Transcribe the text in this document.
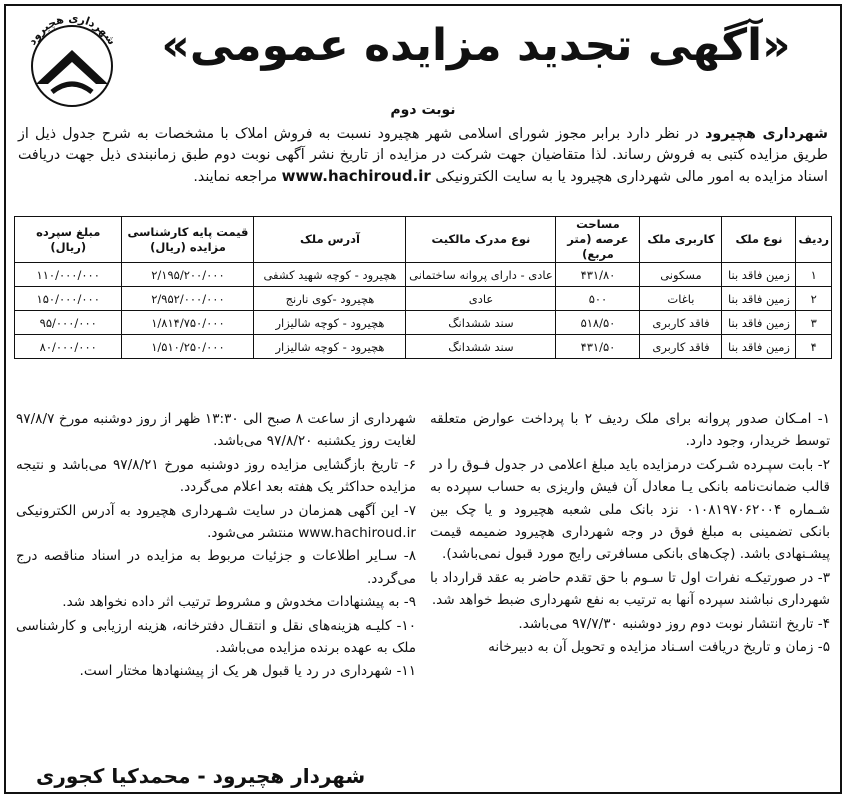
شهرداری هچیرود «آگهی تجدید مزایده عمومی»
نوبت دوم
شهرداری هچیرود در نظر دارد برابر مجوز شورای اسلامی شهر هچیرود نسبت به فروش املاک با مشخصات به شرح جدول ذیل از طریق مزایده کتبی به فروش رساند. لذا متقاضیان جهت شرکت در مزایده از تاریخ نشر آگهی نوبت دوم طبق زمانبندی ذیل جهت دریافت اسناد مزایده به امور مالی شهرداری هچیرود یا به سایت الکترونیکی www.hachiroud.ir مراجعه نمایند.
ردیف	نوع ملک	کاربری ملک	مساحت عرصه (متر مربع)	نوع مدرک مالکیت	آدرس ملک	قیمت پایه کارشناسی مزایده (ریال)	مبلغ سپرده (ریال)
۱	زمین فاقد بنا	مسکونی	۴۳۱/۸۰	عادی - دارای پروانه ساختمانی	هچیرود - کوچه شهید کشفی	۲/۱۹۵/۲۰۰/۰۰۰	۱۱۰/۰۰۰/۰۰۰
۲	زمین فاقد بنا	باغات	۵۰۰	عادی	هچیرود -کوی نارنج	۲/۹۵۲/۰۰۰/۰۰۰	۱۵۰/۰۰۰/۰۰۰
۳	زمین فاقد بنا	فاقد کاربری	۵۱۸/۵۰	سند ششدانگ	هچیرود - کوچه شالیزار	۱/۸۱۴/۷۵۰/۰۰۰	۹۵/۰۰۰/۰۰۰
۴	زمین فاقد بنا	فاقد کاربری	۴۳۱/۵۰	سند ششدانگ	هچیرود - کوچه شالیزار	۱/۵۱۰/۲۵۰/۰۰۰	۸۰/۰۰۰/۰۰۰

۱- امـکان صدور پروانه برای ملک ردیف ۲ با پرداخت عوارض متعلقه توسط خریدار، وجود دارد.

۲- بابت سپـرده شـرکت درمزایده باید مبلغ اعلامی در جدول فـوق را در قالب ضمانت‌نامه بانکی یـا معادل آن فیش واریزی به حساب سپرده به شـماره ۰۱۰۸۱۹۷۰۶۲۰۰۴ نزد بانک ملی شعبه هچیرود و یا چک بین بانکی تضمینی به مبلغ فوق در وجه شهرداری هچیرود ضمیمه قیمت پیشـنهادی باشد. (چک‌های بانکی مسافرتی رایج مورد قبول نمی‌باشد).

۳- در صورتیکـه نفرات اول تا سـوم با حق تقدم حاضر به عقد قرارداد با شهرداری نباشند سپرده آنها به ترتیب به نفع شهرداری ضبط خواهد شد.

۴- تاریخ انتشار نوبت دوم روز دوشنبه ۹۷/۷/۳۰ می‌باشد.

۵- زمان و تاریخ دریافت اسـناد مزایده و تحویل آن به دبیرخانه

شهرداری از ساعت ۸ صبح الی ۱۳:۳۰ ظهر از روز دوشنبه مورخ ۹۷/۸/۷ لغایت روز یکشنبه ۹۷/۸/۲۰ می‌باشد.

۶- تاریخ بازگشایی مزایده روز دوشنبه مورخ ۹۷/۸/۲۱ می‌باشد و نتیجه مزایده حداکثر یک هفته بعد اعلام می‌گردد.

۷- این آگهی همزمان در سایت شـهرداری هچیرود به آدرس الکترونیکی www.hachiroud.ir منتشر می‌شود.

۸- سـایر اطلاعات و جزئیات مربوط به مزایده در اسناد مناقصه درج می‌گردد.

۹- به پیشنهادات مخدوش و مشروط ترتیب اثر داده نخواهد شد.

۱۰- کلیـه هزینه‌های نقل و انتقـال دفترخانه، هزینه ارزیابی و کارشناسی ملک به عهده برنده مزایده می‌باشد.

۱۱- شهرداری در رد یا قبول هر یک از پیشنهادها مختار است.

شهردار هچیرود - محمدکیا کجوری
